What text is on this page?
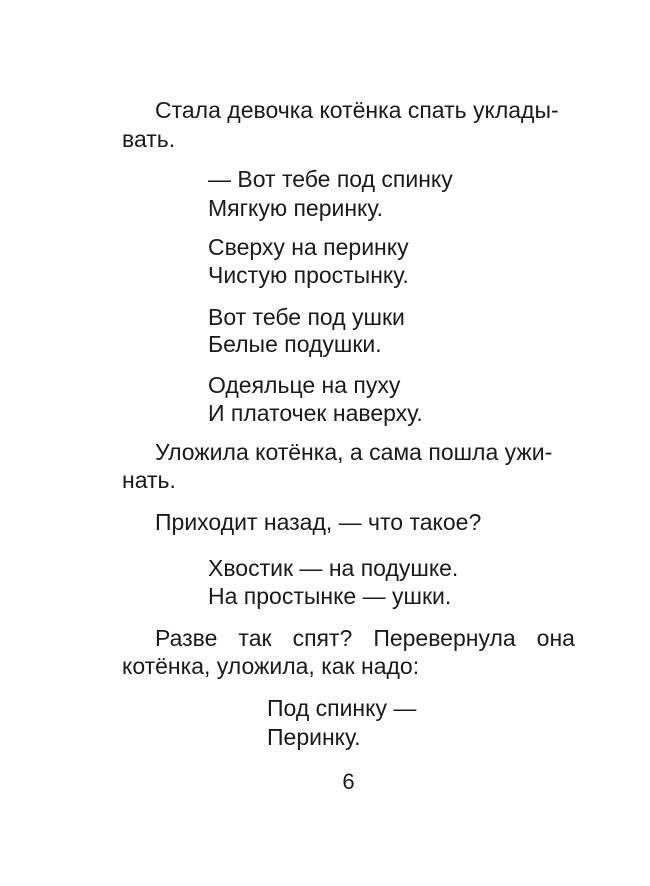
Стала девочка котёнка спать уклады-

вать.

— Вот тебе под спинку

Мягкую перинку.

Сверху на перинку

Чистую простынку.

Вот тебе под ушки

Белые подушки.

Одеяльце на пуху

И платочек наверху.

Уложила котёнка, а сама пошла ужи-

нать.

Приходит назад, — что такое?

Хвостик — на подушке.

На простынке — ушки.

Разве так спят? Перевернула она

котёнка, уложила, как надо:

Под спинку —

Перинку.

6
